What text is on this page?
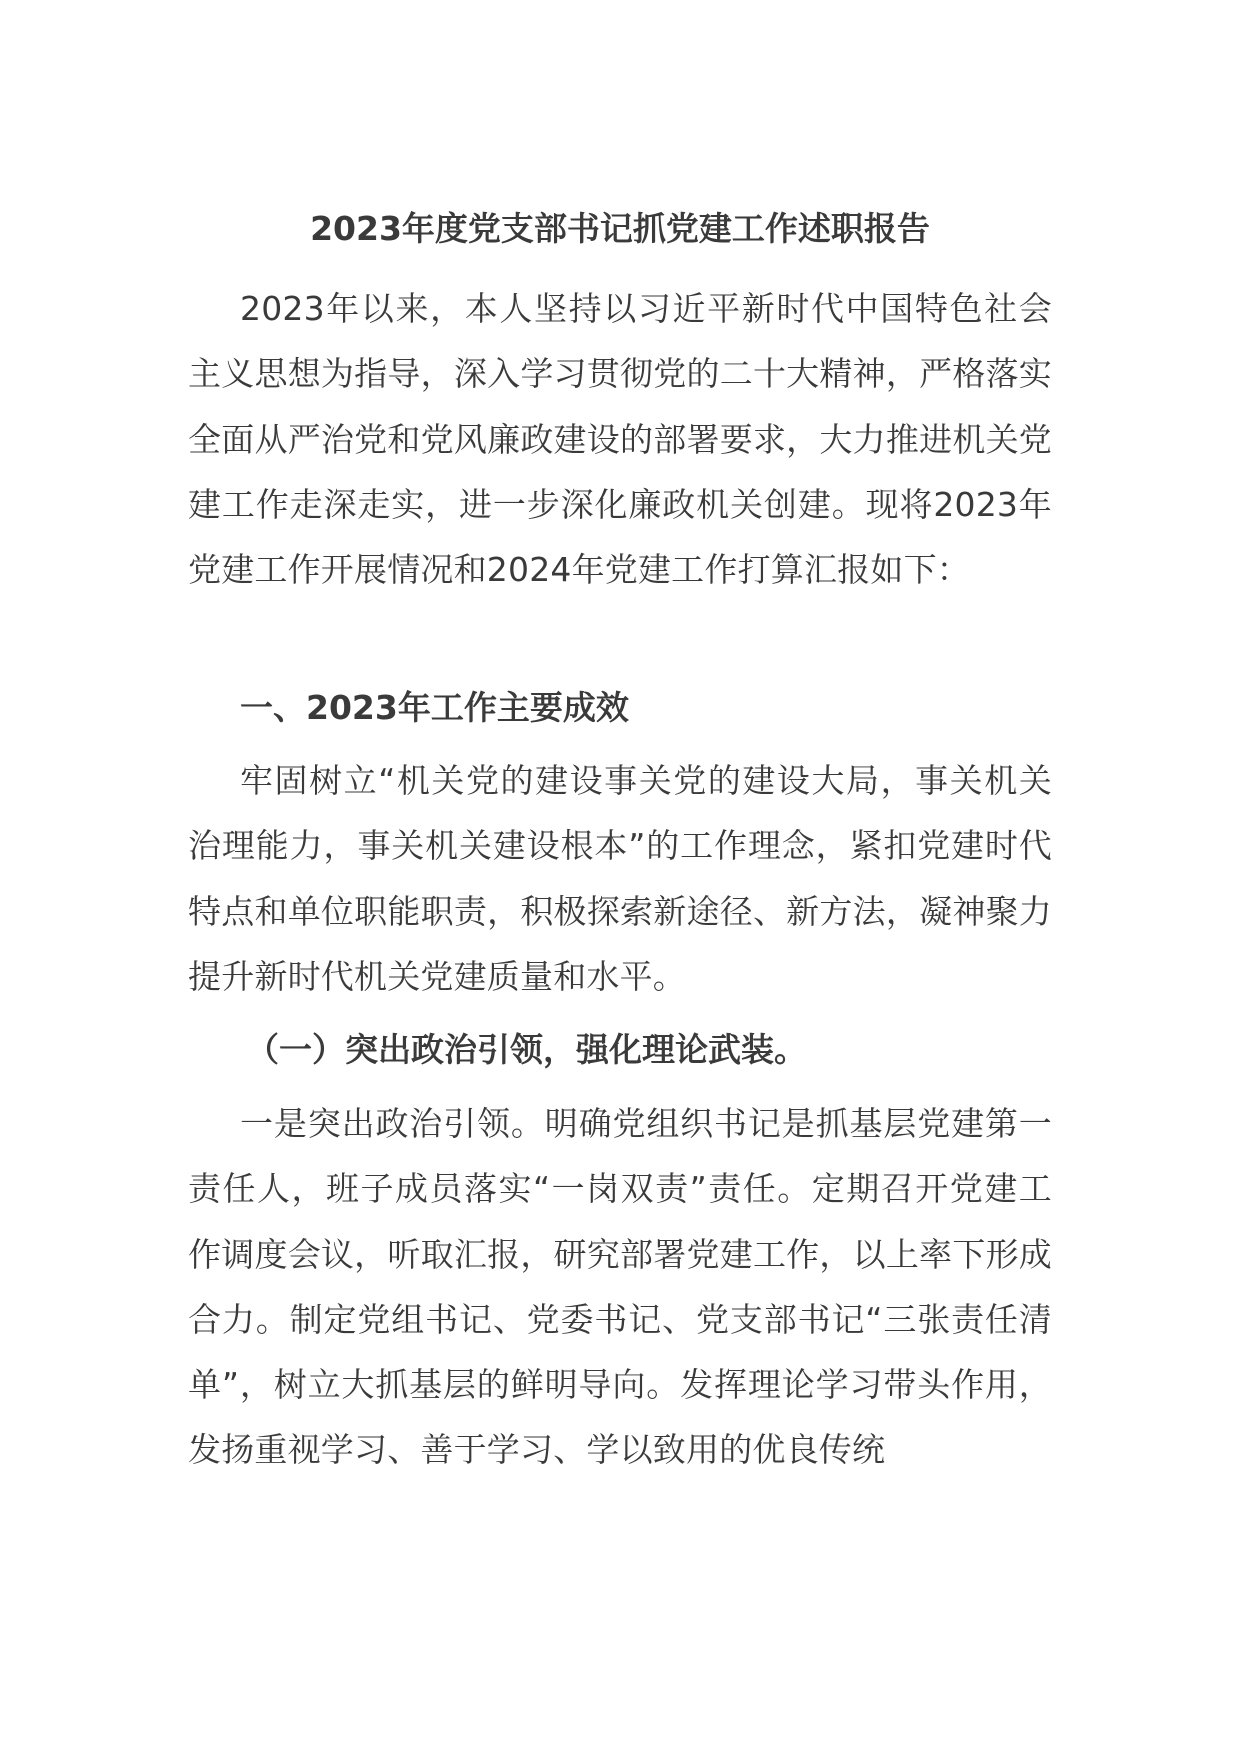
2023年度党支部书记抓党建工作述职报告

2023年以来，本人坚持以习近平新时代中国特色社会主义思想为指导，深入学习贯彻党的二十大精神，严格落实全面从严治党和党风廉政建设的部署要求，大力推进机关党建工作走深走实，进一步深化廉政机关创建。现将2023年党建工作开展情况和2024年党建工作打算汇报如下：

一、2023年工作主要成效

牢固树立“机关党的建设事关党的建设大局，事关机关治理能力，事关机关建设根本”的工作理念，紧扣党建时代特点和单位职能职责，积极探索新途径、新方法，凝神聚力提升新时代机关党建质量和水平。

（一）突出政治引领，强化理论武装。

一是突出政治引领。明确党组织书记是抓基层党建第一责任人，班子成员落实“一岗双责”责任。定期召开党建工作调度会议，听取汇报，研究部署党建工作，以上率下形成合力。制定党组书记、党委书记、党支部书记“三张责任清单”，树立大抓基层的鲜明导向。发挥理论学习带头作用，发扬重视学习、善于学习、学以致用的优良传统
